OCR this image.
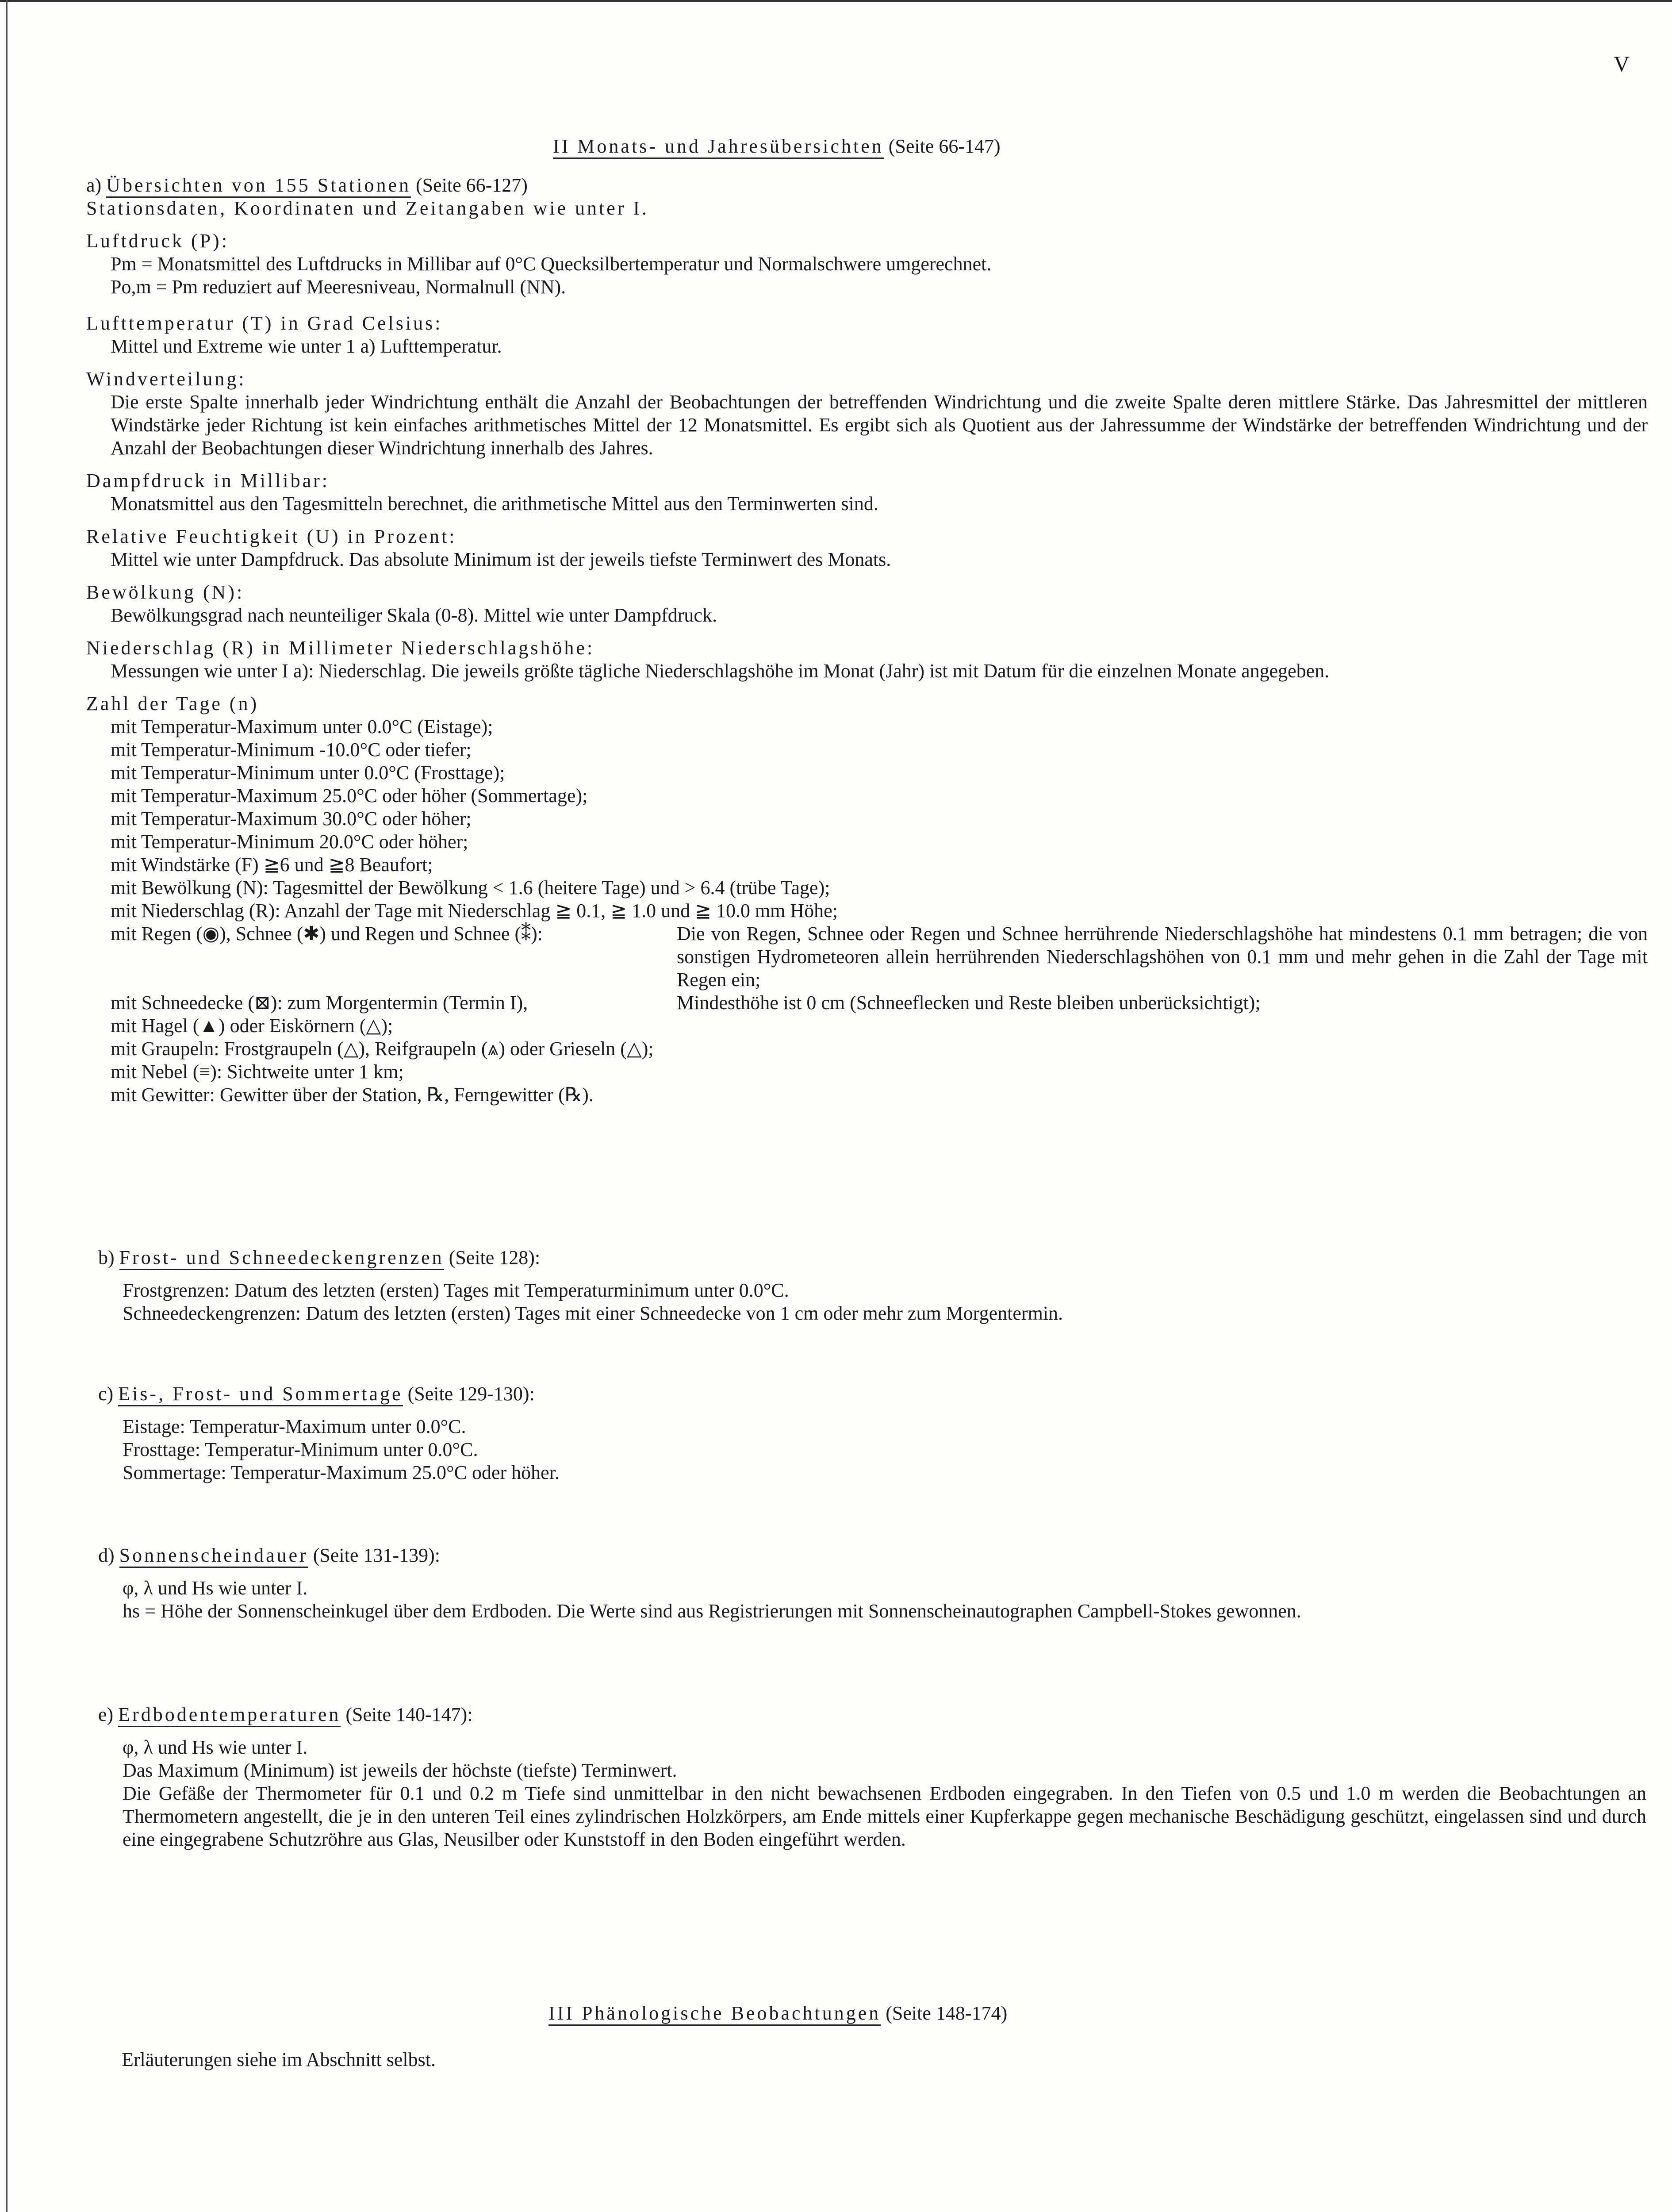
V
II Monats- und Jahresübersichten (Seite 66-147)
a) Übersichten von 155 Stationen (Seite 66-127)
Stationsdaten, Koordinaten und Zeitangaben wie unter I.
Luftdruck (P):
Pm = Monatsmittel des Luftdrucks in Millibar auf 0°C Quecksilbertemperatur und Normalschwere umgerechnet.
Po,m = Pm reduziert auf Meeresniveau, Normalnull (NN).
Lufttemperatur (T) in Grad Celsius:
Mittel und Extreme wie unter 1 a) Lufttemperatur.
Windverteilung:
Die erste Spalte innerhalb jeder Windrichtung enthält die Anzahl der Beobachtungen der betreffenden Windrichtung und die zweite Spalte deren mittlere Stärke. Das Jahresmittel der mittleren Windstärke jeder Richtung ist kein einfaches arithmetisches Mittel der 12 Monatsmittel. Es ergibt sich als Quotient aus der Jahressumme der Windstärke der betreffenden Windrichtung und der Anzahl der Beobachtungen dieser Windrichtung innerhalb des Jahres.
Dampfdruck in Millibar:
Monatsmittel aus den Tagesmitteln berechnet, die arithmetische Mittel aus den Terminwerten sind.
Relative Feuchtigkeit (U) in Prozent:
Mittel wie unter Dampfdruck. Das absolute Minimum ist der jeweils tiefste Terminwert des Monats.
Bewölkung (N):
Bewölkungsgrad nach neunteiliger Skala (0-8). Mittel wie unter Dampfdruck.
Niederschlag (R) in Millimeter Niederschlagshöhe:
Messungen wie unter I a): Niederschlag. Die jeweils größte tägliche Niederschlagshöhe im Monat (Jahr) ist mit Datum für die einzelnen Monate angegeben.
Zahl der Tage (n)
mit Temperatur-Maximum unter 0.0°C (Eistage);
mit Temperatur-Minimum -10.0°C oder tiefer;
mit Temperatur-Minimum unter 0.0°C (Frosttage);
mit Temperatur-Maximum 25.0°C oder höher (Sommertage);
mit Temperatur-Maximum 30.0°C oder höher;
mit Temperatur-Minimum 20.0°C oder höher;
mit Windstärke (F) ≧6 und ≧8 Beaufort;
mit Bewölkung (N): Tagesmittel der Bewölkung < 1.6 (heitere Tage) und > 6.4 (trübe Tage);
mit Niederschlag (R): Anzahl der Tage mit Niederschlag ≧ 0.1, ≧ 1.0 und ≧ 10.0 mm Höhe;
mit Regen (◉), Schnee (✱) und Regen und Schnee (⁑):	Die von Regen, Schnee oder Regen und Schnee herrührende Niederschlagshöhe hat mindestens 0.1 mm betragen; die von sonstigen Hydrometeoren allein herrührenden Niederschlagshöhen von 0.1 mm und mehr gehen in die Zahl der Tage mit Regen ein;
mit Schneedecke (⊠): zum Morgentermin (Termin I),	Mindesthöhe ist 0 cm (Schneeflecken und Reste bleiben unberücksichtigt);
mit Hagel (▲) oder Eiskörnern (△);
mit Graupeln: Frostgraupeln (△), Reifgraupeln (⩓) oder Grieseln (△);
mit Nebel (≡): Sichtweite unter 1 km;
mit Gewitter: Gewitter über der Station, ℞, Ferngewitter (℞).
b) Frost- und Schneedeckengrenzen (Seite 128):
Frostgrenzen: Datum des letzten (ersten) Tages mit Temperaturminimum unter 0.0°C.
Schneedeckengrenzen: Datum des letzten (ersten) Tages mit einer Schneedecke von 1 cm oder mehr zum Morgentermin.
c) Eis-, Frost- und Sommertage (Seite 129-130):
Eistage: Temperatur-Maximum unter 0.0°C.
Frosttage: Temperatur-Minimum unter 0.0°C.
Sommertage: Temperatur-Maximum 25.0°C oder höher.
d) Sonnenscheindauer (Seite 131-139):
φ, λ und Hs wie unter I.
hs = Höhe der Sonnenscheinkugel über dem Erdboden. Die Werte sind aus Registrierungen mit Sonnenscheinautographen Campbell-Stokes gewonnen.
e) Erdbodentemperaturen (Seite 140-147):
φ, λ und Hs wie unter I.
Das Maximum (Minimum) ist jeweils der höchste (tiefste) Terminwert.
Die Gefäße der Thermometer für 0.1 und 0.2 m Tiefe sind unmittelbar in den nicht bewachsenen Erdboden eingegraben. In den Tiefen von 0.5 und 1.0 m werden die Beobachtungen an Thermometern angestellt, die je in den unteren Teil eines zylindrischen Holzkörpers, am Ende mittels einer Kupferkappe gegen mechanische Beschädigung geschützt, eingelassen sind und durch eine eingegrabene Schutzröhre aus Glas, Neusilber oder Kunststoff in den Boden eingeführt werden.
III Phänologische Beobachtungen (Seite 148-174)
Erläuterungen siehe im Abschnitt selbst.
